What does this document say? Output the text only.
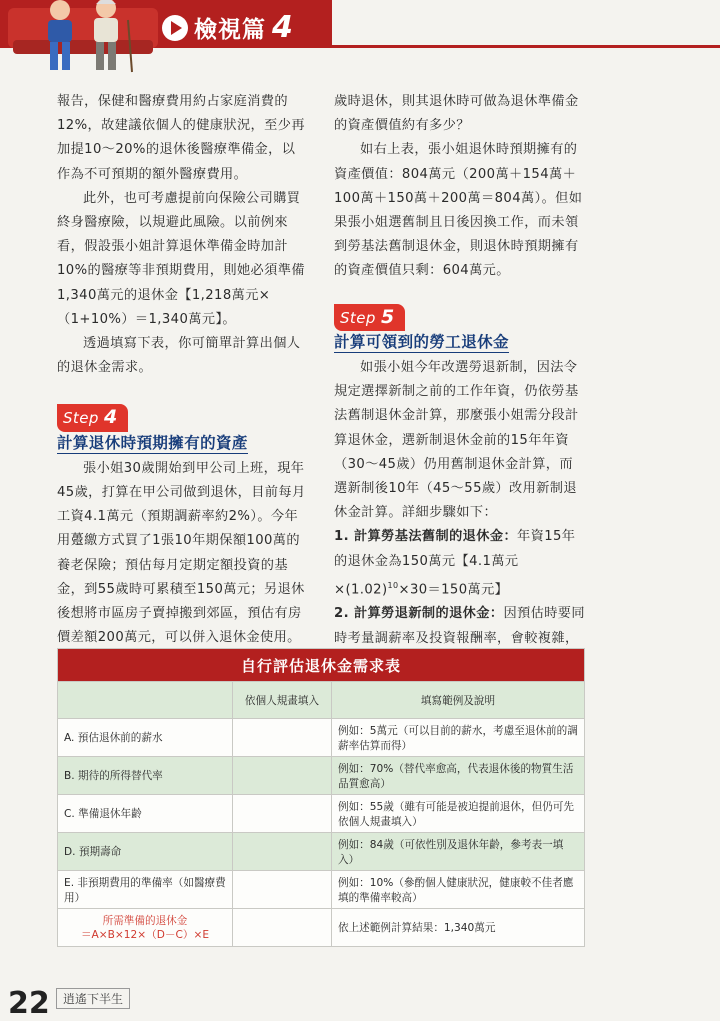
檢視篇 4

報告，保健和醫療費用約占家庭消費的12%，故建議依個人的健康狀況，至少再加提10～20%的退休後醫療準備金，以作為不可預期的額外醫療費用。

此外，也可考慮提前向保險公司購買終身醫療險，以規避此風險。以前例來看，假設張小姐計算退休準備金時加計10%的醫療等非預期費用，則她必須準備1,340萬元的退休金【1,218萬元×（1+10%）＝1,340萬元】。

透過填寫下表，你可簡單計算出個人的退休金需求。

Step 4
計算退休時預期擁有的資產

張小姐30歲開始到甲公司上班，現年45歲，打算在甲公司做到退休，目前每月工資4.1萬元（預期調薪率約2%）。今年用躉繳方式買了1張10年期保額100萬的養老保險；預估每月定期定額投資的基金，到55歲時可累積至150萬元；另退休後想將市區房子賣掉搬到郊區，預估有房價差額200萬元，可以併入退休金使用。

歲時退休，則其退休時可做為退休準備金的資產價值約有多少？

如右上表，張小姐退休時預期擁有的資產價值：804萬元（200萬＋154萬＋100萬＋150萬＋200萬＝804萬）。但如果張小姐選舊制且日後因換工作，而未領到勞基法舊制退休金，則退休時預期擁有的資產價值只剩：604萬元。

Step 5
計算可領到的勞工退休金

如張小姐今年改選勞退新制，因法令規定選擇新制之前的工作年資，仍依勞基法舊制退休金計算，那麼張小姐需分段計算退休金，選新制退休金前的15年年資（30～45歲）仍用舊制退休金計算，而選新制後10年（45～55歲）改用新制退休金計算。詳細步驟如下：

1. 計算勞基法舊制的退休金：年資15年的退休金為150萬元【4.1萬元$\times(1.02)^{10}\times 30=150$萬元】

2. 計算勞退新制的退休金：因預估時要同時考量調薪率及投資報酬率，會較複雜，

自行評估退休金需求表		
	依個人規畫填入	填寫範例及說明
A. 預估退休前的薪水		例如：5萬元（可以目前的薪水，考慮至退休前的調薪率估算而得）
B. 期待的所得替代率		例如：70%（替代率愈高，代表退休後的物質生活品質愈高）
C. 準備退休年齡		例如：55歲（雖有可能是被迫提前退休，但仍可先依個人規畫填入）
D. 預期壽命		例如：84歲（可依性別及退休年齡，參考表一填入）
E. 非預期費用的準備率（如醫療費用）		例如：10%（參酌個人健康狀況，健康較不佳者應填的準備率較高）

所需準備的退休金
＝A×B×12×（D－C）×E		依上述範例計算結果：1,340萬元
22	逍遙下半生
